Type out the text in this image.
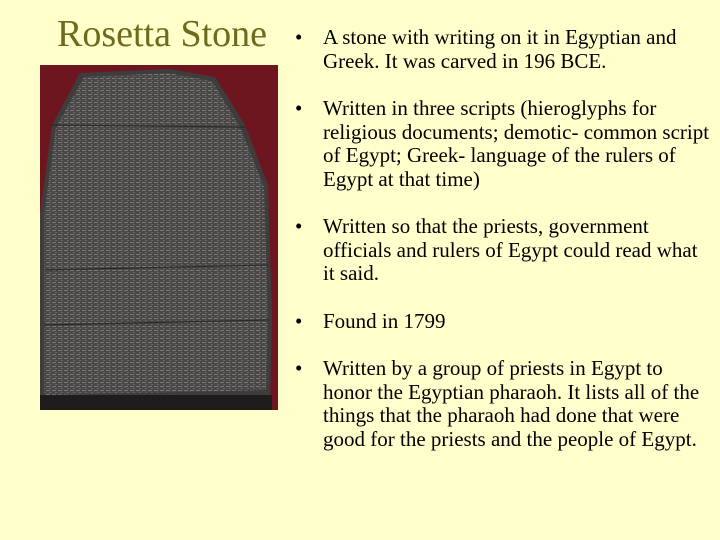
Rosetta Stone • A stone with writing on it in Egyptian and Greek. It was carved in 196 BCE.
• Written in three scripts (hieroglyphs for religious documents; demotic- common script of Egypt; Greek- language of the rulers of Egypt at that time)
• Written so that the priests, government officials and rulers of Egypt could read what it said.
• Found in 1799
• Written by a group of priests in Egypt to honor the Egyptian pharaoh. It lists all of the things that the pharaoh had done that were good for the priests and the people of Egypt.
